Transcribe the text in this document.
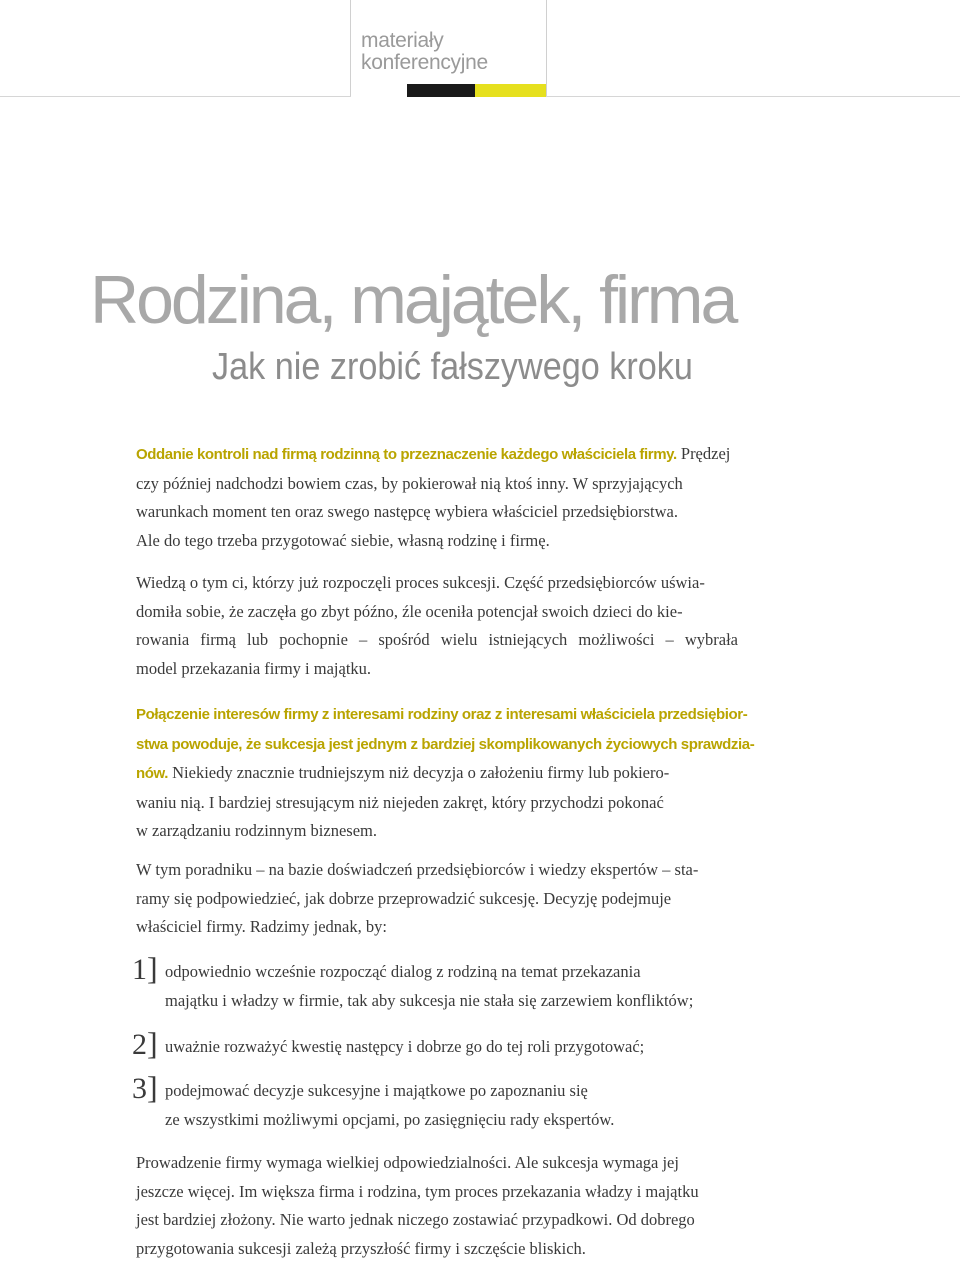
materiały
konferencyjne
Rodzina, majątek, firma
Jak nie zrobić fałszywego kroku
Oddanie kontroli nad firmą rodzinną to przeznaczenie każdego właściciela firmy. Prędzej
czy później nadchodzi bowiem czas, by pokierował nią ktoś inny. W sprzyjających
warunkach moment ten oraz swego następcę wybiera właściciel przedsiębiorstwa.
Ale do tego trzeba przygotować siebie, własną rodzinę i firmę.
Wiedzą o tym ci, którzy już rozpoczęli proces sukcesji. Część przedsiębiorców uświa-
domiła sobie, że zaczęła go zbyt późno, źle oceniła potencjał swoich dzieci do kie-
rowania firmą lub pochopnie – spośród wielu istniejących możliwości – wybrała
model przekazania firmy i majątku.
Połączenie interesów firmy z interesami rodziny oraz z interesami właściciela przedsiębior-
stwa powoduje, że sukcesja jest jednym z bardziej skomplikowanych życiowych sprawdzia-
nów. Niekiedy znacznie trudniejszym niż decyzja o założeniu firmy lub pokiero-
waniu nią. I bardziej stresującym niż niejeden zakręt, który przychodzi pokonać
w zarządzaniu rodzinnym biznesem.
W tym poradniku – na bazie doświadczeń przedsiębiorców i wiedzy ekspertów – sta-
ramy się podpowiedzieć, jak dobrze przeprowadzić sukcesję. Decyzję podejmuje
właściciel firmy. Radzimy jednak, by:
1] odpowiednio wcześnie rozpocząć dialog z rodziną na temat przekazania
majątku i władzy w firmie, tak aby sukcesja nie stała się zarzewiem konfliktów;
2] uważnie rozważyć kwestię następcy i dobrze go do tej roli przygotować;
3] podejmować decyzje sukcesyjne i majątkowe po zapoznaniu się
ze wszystkimi możliwymi opcjami, po zasięgnięciu rady ekspertów.
Prowadzenie firmy wymaga wielkiej odpowiedzialności. Ale sukcesja wymaga jej
jeszcze więcej. Im większa firma i rodzina, tym proces przekazania władzy i majątku
jest bardziej złożony. Nie warto jednak niczego zostawiać przypadkowi. Od dobrego
przygotowania sukcesji zależą przyszłość firmy i szczęście bliskich.
